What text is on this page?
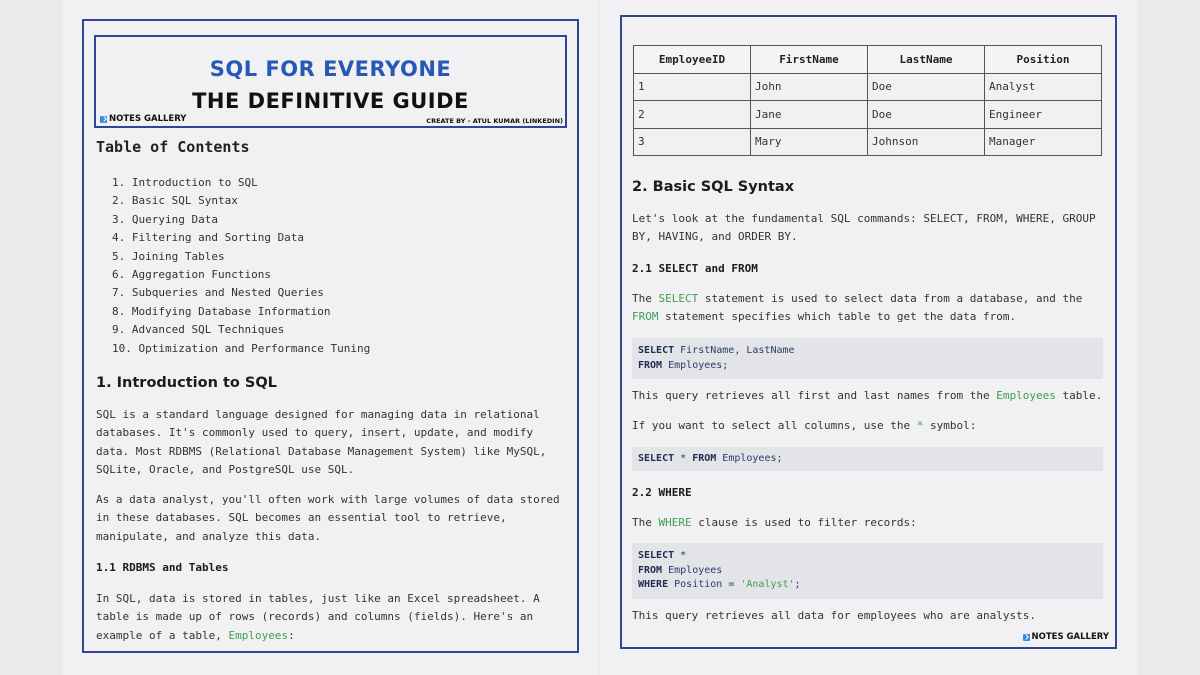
SQL FOR EVERYONE
THE DEFINITIVE GUIDE
NOTES GALLERY	CREATE BY - ATUL KUMAR (LINKEDIN)
Table of Contents
1. Introduction to SQL
2. Basic SQL Syntax
3. Querying Data
4. Filtering and Sorting Data
5. Joining Tables
6. Aggregation Functions
7. Subqueries and Nested Queries
8. Modifying Database Information
9. Advanced SQL Techniques
10. Optimization and Performance Tuning
1. Introduction to SQL

SQL is a standard language designed for managing data in relational databases. It's commonly used to query, insert, update, and modify data. Most RDBMS (Relational Database Management System) like MySQL, SQLite, Oracle, and PostgreSQL use SQL.

As a data analyst, you'll often work with large volumes of data stored in these databases. SQL becomes an essential tool to retrieve, manipulate, and analyze this data.

1.1 RDBMS and Tables

In SQL, data is stored in tables, just like an Excel spreadsheet. A table is made up of rows (records) and columns (fields). Here's an example of a table, Employees:

EmployeeID	FirstName	LastName	Position
1	John	Doe	Analyst
2	Jane	Doe	Engineer
3	Mary	Johnson	Manager
2. Basic SQL Syntax

Let's look at the fundamental SQL commands: SELECT, FROM, WHERE, GROUP BY, HAVING, and ORDER BY.

2.1 SELECT and FROM

The SELECT statement is used to select data from a database, and the FROM statement specifies which table to get the data from.

SELECT FirstName, LastName
FROM Employees;

This query retrieves all first and last names from the Employees table.

If you want to select all columns, use the * symbol:

SELECT * FROM Employees;
2.2 WHERE

The WHERE clause is used to filter records:

SELECT *
FROM Employees
WHERE Position = 'Analyst';

This query retrieves all data for employees who are analysts.

NOTES GALLERY
